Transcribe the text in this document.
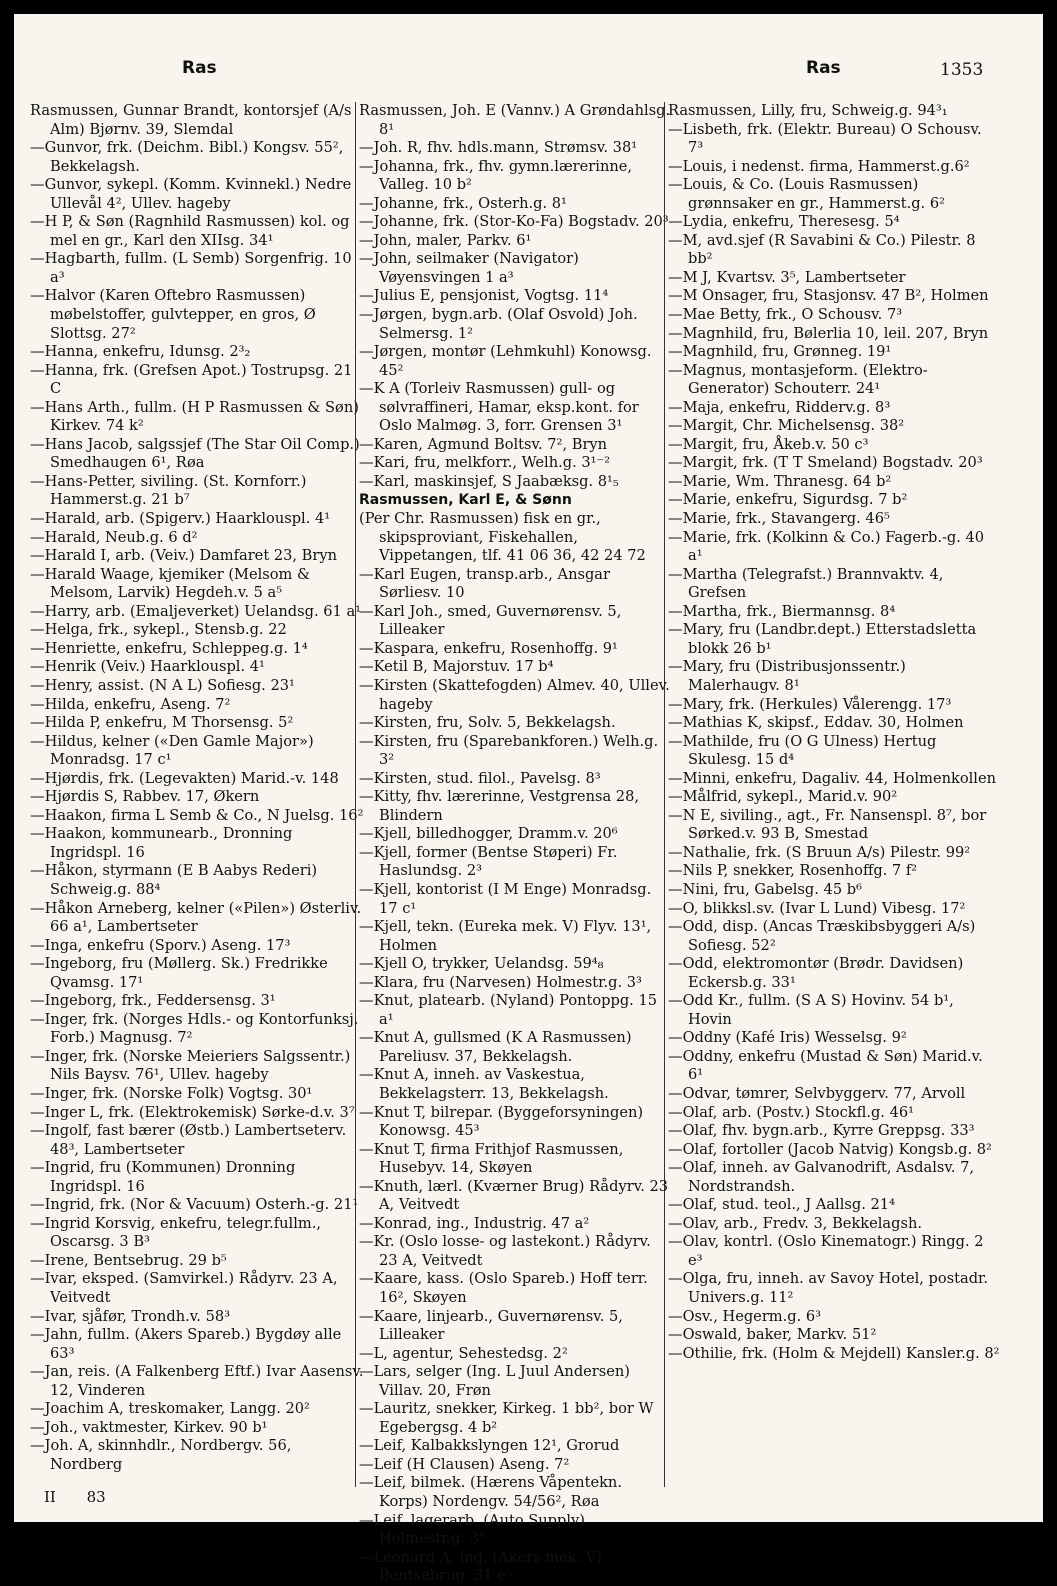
Ras	Ras	1353
Rasmussen, Gunnar Brandt, kontorsjef (A/s Alm) Bjørnv. 39, Slemdal
—Gunvor, frk. (Deichm. Bibl.) Kongsv. 55², Bekkelagsh.
—Gunvor, sykepl. (Komm. Kvinnekl.) Nedre Ullevål 4², Ullev. hageby
—H P, & Søn (Ragnhild Rasmussen) kol. og mel en gr., Karl den XIIsg. 34¹
—Hagbarth, fullm. (L Semb) Sorgenfrig. 10 a³
—Halvor (Karen Oftebro Rasmussen) møbelstoffer, gulvtepper, en gros, Ø Slottsg. 27²
—Hanna, enkefru, Idunsg. 2³₂
—Hanna, frk. (Grefsen Apot.) Tostrupsg. 21 C
—Hans Arth., fullm. (H P Rasmussen & Søn) Kirkev. 74 k²
—Hans Jacob, salgssjef (The Star Oil Comp.) Smedhaugen 6¹, Røa
—Hans-Petter, siviling. (St. Kornforr.) Hammerst.g. 21 b⁷
—Harald, arb. (Spigerv.) Haarklouspl. 4¹
—Harald, Neub.g. 6 d²
—Harald I, arb. (Veiv.) Damfaret 23, Bryn
—Harald Waage, kjemiker (Melsom & Melsom, Larvik) Hegdeh.v. 5 a⁵
—Harry, arb. (Emaljeverket) Uelandsg. 61 a¹
—Helga, frk., sykepl., Stensb.g. 22
—Henriette, enkefru, Schleppeg.g. 1⁴
—Henrik (Veiv.) Haarklouspl. 4¹
—Henry, assist. (N A L) Sofiesg. 23¹
—Hilda, enkefru, Aseng. 7²
—Hilda P, enkefru, M Thorsensg. 5²
—Hildus, kelner («Den Gamle Major») Monradsg. 17 c¹
—Hjørdis, frk. (Legevakten) Marid.-v. 148
—Hjørdis S, Rabbev. 17, Økern
—Haakon, firma L Semb & Co., N Juelsg. 16²
—Haakon, kommunearb., Dronning Ingridspl. 16
—Håkon, styrmann (E B Aabys Rederi) Schweig.g. 88⁴
—Håkon Arneberg, kelner («Pilen») Østerliv. 66 a¹, Lambertseter
—Inga, enkefru (Sporv.) Aseng. 17³
—Ingeborg, fru (Møllerg. Sk.) Fredrikke Qvamsg. 17¹
—Ingeborg, frk., Feddersensg. 3¹
—Inger, frk. (Norges Hdls.- og Kontorfunksj. Forb.) Magnusg. 7²
—Inger, frk. (Norske Meieriers Salgssentr.) Nils Baysv. 76¹, Ullev. hageby
—Inger, frk. (Norske Folk) Vogtsg. 30¹
—Inger L, frk. (Elektrokemisk) Sørke-d.v. 3⁷
—Ingolf, fast bærer (Østb.) Lambertseterv. 48³, Lambertseter
—Ingrid, fru (Kommunen) Dronning Ingridspl. 16
—Ingrid, frk. (Nor & Vacuum) Osterh.-g. 21¹
—Ingrid Korsvig, enkefru, telegr.fullm., Oscarsg. 3 B³
—Irene, Bentsebrug. 29 b⁵
—Ivar, eksped. (Samvirkel.) Rådyrv. 23 A, Veitvedt
—Ivar, sjåfør, Trondh.v. 58³
—Jahn, fullm. (Akers Spareb.) Bygdøy alle 63³
—Jan, reis. (A Falkenberg Eftf.) Ivar Aasensv. 12, Vinderen
—Joachim A, treskomaker, Langg. 20²
—Joh., vaktmester, Kirkev. 90 b¹
—Joh. A, skinnhdlr., Nordbergv. 56, Nordberg
Rasmussen, Joh. E (Vannv.) A Grøndahlsg. 8¹
—Joh. R, fhv. hdls.mann, Strømsv. 38¹
—Johanna, frk., fhv. gymn.lærerinne, Valleg. 10 b²
—Johanne, frk., Osterh.g. 8¹
—Johanne, frk. (Stor-Ko-Fa) Bogstadv. 20³
—John, maler, Parkv. 6¹
—John, seilmaker (Navigator) Vøyensvingen 1 a³
—Julius E, pensjonist, Vogtsg. 11⁴
—Jørgen, bygn.arb. (Olaf Osvold) Joh. Selmersg. 1²
—Jørgen, montør (Lehmkuhl) Konowsg. 45²
—K A (Torleiv Rasmussen) gull- og sølvraffineri, Hamar, eksp.kont. for Oslo Malmøg. 3, forr. Grensen 3¹
—Karen, Agmund Boltsv. 7², Bryn
—Kari, fru, melkforr., Welh.g. 3¹⁻²
—Karl, maskinsjef, S Jaabæksg. 8¹₅
Rasmussen, Karl E, & Sønn
(Per Chr. Rasmussen) fisk en gr., skipsproviant, Fiskehallen, Vippetangen, tlf. 41 06 36, 42 24 72
—Karl Eugen, transp.arb., Ansgar Sørliesv. 10
—Karl Joh., smed, Guvernørensv. 5, Lilleaker
—Kaspara, enkefru, Rosenhoffg. 9¹
—Ketil B, Majorstuv. 17 b⁴
—Kirsten (Skattefogden) Almev. 40, Ullev. hageby
—Kirsten, fru, Solv. 5, Bekkelagsh.
—Kirsten, fru (Sparebankforen.) Welh.g. 3²
—Kirsten, stud. filol., Pavelsg. 8³
—Kitty, fhv. lærerinne, Vestgrensa 28, Blindern
—Kjell, billedhogger, Dramm.v. 20⁶
—Kjell, former (Bentse Støperi) Fr. Haslundsg. 2³
—Kjell, kontorist (I M Enge) Monradsg. 17 c¹
—Kjell, tekn. (Eureka mek. V) Flyv. 13¹, Holmen
—Kjell O, trykker, Uelandsg. 59⁴₈
—Klara, fru (Narvesen) Holmestr.g. 3³
—Knut, platearb. (Nyland) Pontoppg. 15 a¹
—Knut A, gullsmed (K A Rasmussen) Pareliusv. 37, Bekkelagsh.
—Knut A, inneh. av Vaskestua, Bekkelagsterr. 13, Bekkelagsh.
—Knut T, bilrepar. (Byggeforsyningen) Konowsg. 45³
—Knut T, firma Frithjof Rasmussen, Husebyv. 14, Skøyen
—Knuth, lærl. (Kværner Brug) Rådyrv. 23 A, Veitvedt
—Konrad, ing., Industrig. 47 a²
—Kr. (Oslo losse- og lastekont.) Rådyrv. 23 A, Veitvedt
—Kaare, kass. (Oslo Spareb.) Hoff terr. 16², Skøyen
—Kaare, linjearb., Guvernørensv. 5, Lilleaker
—L, agentur, Sehestedsg. 2²
—Lars, selger (Ing. L Juul Andersen) Villav. 20, Frøn
—Lauritz, snekker, Kirkeg. 1 bb², bor W Egebergsg. 4 b²
—Leif, Kalbakkslyngen 12¹, Grorud
—Leif (H Clausen) Aseng. 7²
—Leif, bilmek. (Hærens Våpentekn. Korps) Nordengv. 54/56², Røa
—Leif, lagerarb. (Auto Supply) Holmestr.g. 3³
—Leonard A, ing. (Akers mek. V) Bentsebrug. 31 e⁵
Rasmussen, Lilly, fru, Schweig.g. 94³₁
—Lisbeth, frk. (Elektr. Bureau) O Schousv. 7³
—Louis, i nedenst. firma, Hammerst.g.6²
—Louis, & Co. (Louis Rasmussen) grønnsaker en gr., Hammerst.g. 6²
—Lydia, enkefru, Theresesg. 5⁴
—M, avd.sjef (R Savabini & Co.) Pilestr. 8 bb²
—M J, Kvartsv. 3⁵, Lambertseter
—M Onsager, fru, Stasjonsv. 47 B², Holmen
—Mae Betty, frk., O Schousv. 7³
—Magnhild, fru, Bølerlia 10, leil. 207, Bryn
—Magnhild, fru, Grønneg. 19¹
—Magnus, montasjeform. (Elektro-Generator) Schouterr. 24¹
—Maja, enkefru, Ridderv.g. 8³
—Margit, Chr. Michelsensg. 38²
—Margit, fru, Åkeb.v. 50 c³
—Margit, frk. (T T Smeland) Bogstadv. 20³
—Marie, Wm. Thranesg. 64 b²
—Marie, enkefru, Sigurdsg. 7 b²
—Marie, frk., Stavangerg. 46⁵
—Marie, frk. (Kolkinn & Co.) Fagerb.-g. 40 a¹
—Martha (Telegrafst.) Brannvaktv. 4, Grefsen
—Martha, frk., Biermannsg. 8⁴
—Mary, fru (Landbr.dept.) Etterstadsletta blokk 26 b¹
—Mary, fru (Distribusjonssentr.) Malerhaugv. 8¹
—Mary, frk. (Herkules) Vålerengg. 17³
—Mathias K, skipsf., Eddav. 30, Holmen
—Mathilde, fru (O G Ulness) Hertug Skulesg. 15 d⁴
—Minni, enkefru, Dagaliv. 44, Holmenkollen
—Målfrid, sykepl., Marid.v. 90²
—N E, siviling., agt., Fr. Nansenspl. 8⁷, bor Sørked.v. 93 B, Smestad
—Nathalie, frk. (S Bruun A/s) Pilestr. 99²
—Nils P, snekker, Rosenhoffg. 7 f²
—Nini, fru, Gabelsg. 45 b⁶
—O, blikksl.sv. (Ivar L Lund) Vibesg. 17²
—Odd, disp. (Ancas Træskibsbyggeri A/s) Sofiesg. 52²
—Odd, elektromontør (Brødr. Davidsen) Eckersb.g. 33¹
—Odd Kr., fullm. (S A S) Hovinv. 54 b¹, Hovin
—Oddny (Kafé Iris) Wesselsg. 9²
—Oddny, enkefru (Mustad & Søn) Marid.v. 6¹
—Odvar, tømrer, Selvbyggerv. 77, Arvoll
—Olaf, arb. (Postv.) Stockfl.g. 46¹
—Olaf, fhv. bygn.arb., Kyrre Greppsg. 33³
—Olaf, fortoller (Jacob Natvig) Kongsb.g. 8²
—Olaf, inneh. av Galvanodrift, Asdalsv. 7, Nordstrandsh.
—Olaf, stud. teol., J Aallsg. 21⁴
—Olav, arb., Fredv. 3, Bekkelagsh.
—Olav, kontrl. (Oslo Kinematogr.) Ringg. 2 e³
—Olga, fru, inneh. av Savoy Hotel, postadr. Univers.g. 11²
—Osv., Hegerm.g. 6³
—Oswald, baker, Markv. 51²
—Othilie, frk. (Holm & Mejdell) Kansler.g. 8²
II 83
